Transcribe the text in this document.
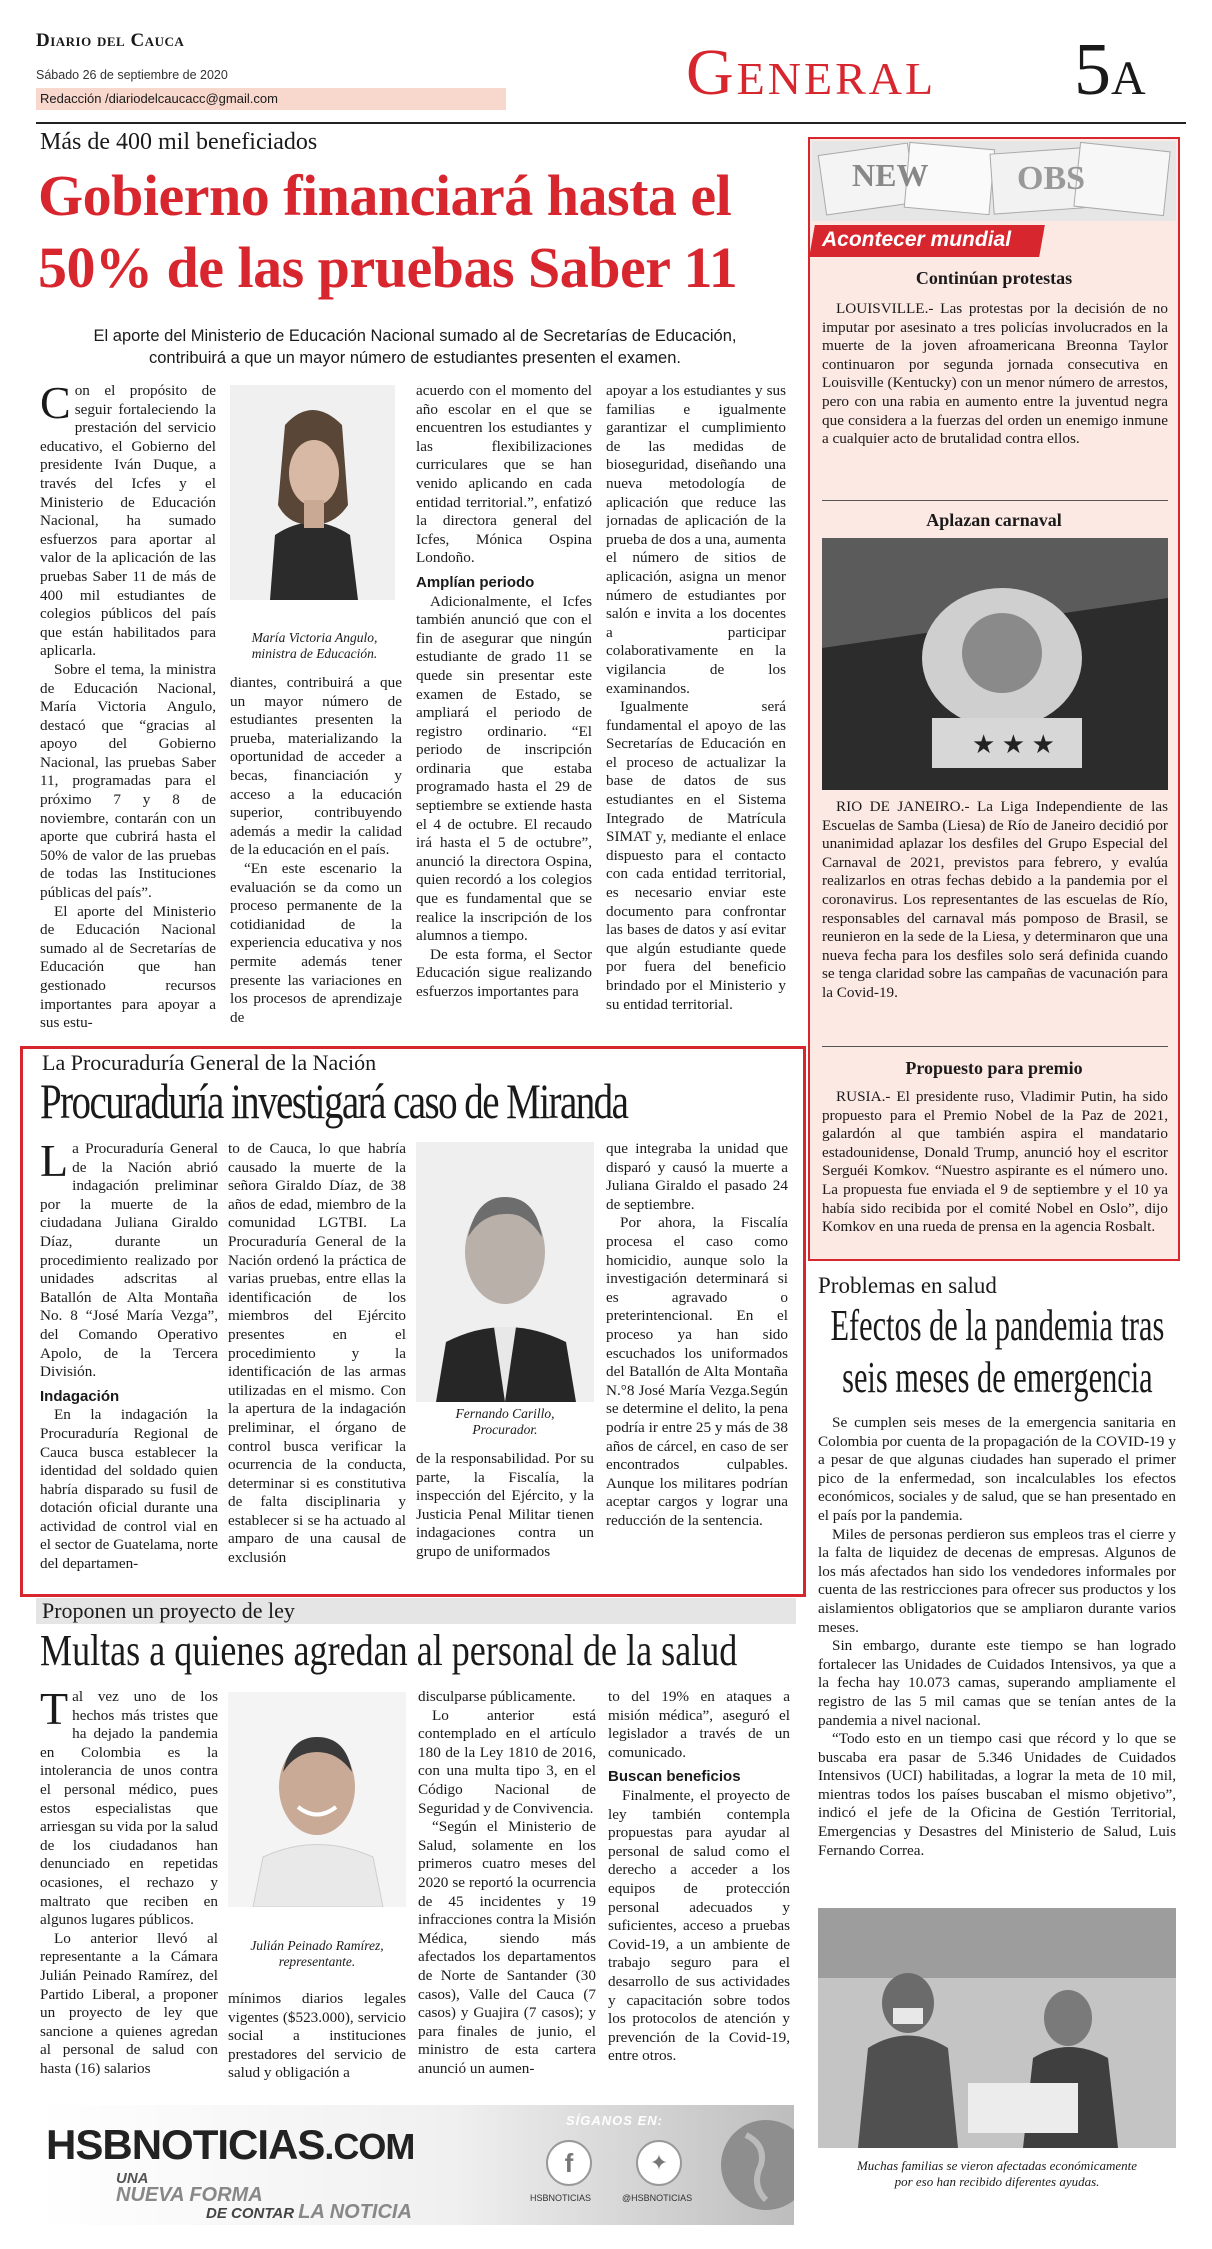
Diario del Cauca
Sábado 26 de septiembre de 2020
Redacción /diariodelcaucacc@gmail.com	General 5A
Más de 400 mil beneficiados
Gobierno financiará hasta el
50% de las pruebas Saber 11
El aporte del Ministerio de Educación Nacional sumado al de Secretarías de Educación,
contribuirá a que un mayor número de estudiantes presenten el examen.

Con el propósito de seguir fortaleciendo la prestación del servicio educativo, el Gobierno del presidente Iván Duque, a través del Icfes y el Ministerio de Educación Nacional, ha sumado esfuerzos para aportar al valor de la aplicación de las pruebas Saber 11 de más de 400 mil estudiantes de colegios públicos del país que están habilitados para aplicarla.

Sobre el tema, la ministra de Educación Nacional, María Victoria Angulo, destacó que “gracias al apoyo del Gobierno Nacional, las pruebas Saber 11, programadas para el próximo 7 y 8 de noviembre, contarán con un aporte que cubrirá hasta el 50% de valor de las pruebas de todas las Instituciones públicas del país”.

El aporte del Ministerio de Educación Nacional sumado al de Secretarías de Educación que han gestionado recursos importantes para apoyar a sus estu-

María Victoria Angulo,
ministra de Educación.

diantes, contribuirá a que un mayor número de estudiantes presenten la prueba, materializando la oportunidad de acceder a becas, financiación y acceso a la educación superior, contribuyendo además a medir la calidad de la educación en el país.

“En este escenario la evaluación se da como un proceso permanente de la cotidianidad de la experiencia educativa y nos permite además tener presente las variaciones en los procesos de aprendizaje de

acuerdo con el momento del año escolar en el que se encuentren los estudiantes y las flexibilizaciones curriculares que se han venido aplicando en cada entidad territorial.”, enfatizó la directora general del Icfes, Mónica Ospina Londoño.

Amplían periodo

Adicionalmente, el Icfes también anunció que con el fin de asegurar que ningún estudiante de grado 11 se quede sin presentar este examen de Estado, se ampliará el periodo de registro ordinario. “El periodo de inscripción ordinaria que estaba programado hasta el 29 de septiembre se extiende hasta el 4 de octubre. El recaudo irá hasta el 5 de octubre”, anunció la directora Ospina, quien recordó a los colegios que es fundamental que se realice la inscripción de los alumnos a tiempo.

De esta forma, el Sector Educación sigue realizando esfuerzos importantes para

apoyar a los estudiantes y sus familias e igualmente garantizar el cumplimiento de las medidas de bioseguridad, diseñando una nueva metodología de aplicación que reduce las jornadas de aplicación de la prueba de dos a una, aumenta el número de sitios de aplicación, asigna un menor número de estudiantes por salón e invita a los docentes a participar colaborativamente en la vigilancia de los examinandos.

Igualmente será fundamental el apoyo de las Secretarías de Educación en el proceso de actualizar la base de datos de sus estudiantes en el Sistema Integrado de Matrícula SIMAT y, mediante el enlace dispuesto para el contacto con cada entidad territorial, es necesario enviar este documento para confrontar las bases de datos y así evitar que algún estudiante quede por fuera del beneficio brindado por el Ministerio y su entidad territorial.

La Procuraduría General de la Nación
Procuraduría investigará caso de Miranda

La Procuraduría General de la Nación abrió indagación preliminar por la muerte de la ciudadana Juliana Giraldo Díaz, durante un procedimiento realizado por unidades adscritas al Batallón de Alta Montaña No. 8 “José María Vezga”, del Comando Operativo Apolo, de la Tercera División.

Indagación

En la indagación la Procuraduría Regional de Cauca busca establecer la identidad del soldado quien habría disparado su fusil de dotación oficial durante una actividad de control vial en el sector de Guatelama, norte del departamen-

to de Cauca, lo que habría causado la muerte de la señora Giraldo Díaz, de 38 años de edad, miembro de la comunidad LGTBI. La Procuraduría General de la Nación ordenó la práctica de varias pruebas, entre ellas la identificación de los miembros del Ejército presentes en el procedimiento y la identificación de las armas utilizadas en el mismo. Con la apertura de la indagación preliminar, el órgano de control busca verificar la ocurrencia de la conducta, determinar si es constitutiva de falta disciplinaria y establecer si se ha actuado al amparo de una causal de exclusión

Fernando Carillo,
Procurador.

de la responsabilidad. Por su parte, la Fiscalía, la inspección del Ejército, y la Justicia Penal Militar tienen indagaciones contra un grupo de uniformados

que integraba la unidad que disparó y causó la muerte a Juliana Giraldo el pasado 24 de septiembre.

Por ahora, la Fiscalía procesa el caso como homicidio, aunque solo la investigación determinará si es agravado o preterintencional. En el proceso ya han sido escuchados los uniformados del Batallón de Alta Montaña N.°8 José María Vezga.Según se determine el delito, la pena podría ir entre 25 y más de 38 años de cárcel, en caso de ser encontrados culpables. Aunque los militares podrían aceptar cargos y lograr una reducción de la sentencia.

Proponen un proyecto de ley
Multas a quienes agredan al personal de la salud

Tal vez uno de los hechos más tristes que ha dejado la pandemia en Colombia es la intolerancia de unos contra el personal médico, pues estos especialistas que arriesgan su vida por la salud de los ciudadanos han denunciado en repetidas ocasiones, el rechazo y maltrato que reciben en algunos lugares públicos.

Lo anterior llevó al representante a la Cámara Julián Peinado Ramírez, del Partido Liberal, a proponer un proyecto de ley que sancione a quienes agredan al personal de salud con hasta (16) salarios

Julián Peinado Ramírez,
representante.

mínimos diarios legales vigentes ($523.000), servicio social a instituciones prestadores del servicio de salud y obligación a

disculparse públicamente.

Lo anterior está contemplado en el artículo 180 de la Ley 1810 de 2016, con una multa tipo 3, en el Código Nacional de Seguridad y de Convivencia.

“Según el Ministerio de Salud, solamente en los primeros cuatro meses del 2020 se reportó la ocurrencia de 45 incidentes y 19 infracciones contra la Misión Médica, siendo más afectados los departamentos de Norte de Santander (30 casos), Valle del Cauca (7 casos) y Guajira (7 casos); y para finales de junio, el ministro de esta cartera anunció un aumen-

to del 19% en ataques a misión médica”, aseguró el legislador a través de un comunicado.

Buscan beneficios

Finalmente, el proyecto de ley también contempla propuestas para ayudar al personal de salud como el derecho a acceder a los equipos de protección personal adecuados y suficientes, acceso a pruebas Covid-19, a un ambiente de trabajo seguro para el desarrollo de sus actividades y capacitación sobre todos los protocolos de atención y prevención de la Covid-19, entre otros.

HSBNOTICIAS.COM
UNA
NUEVA FORMA
DE CONTAR LA NOTICIA
SÍGANOS EN:
f	✦
HSBNOTICIAS	@HSBNOTICIAS
NEW	OBS
Acontecer mundial
Continúan protestas
LOUISVILLE.- Las protestas por la decisión de no imputar por asesinato a tres policías involucrados en la muerte de la joven afroamericana Breonna Taylor continuaron por segunda jornada consecutiva en Louisville (Kentucky) con un menor número de arrestos, pero con una rabia en aumento entre la juventud negra que considera a la fuerzas del orden un enemigo inmune a cualquier acto de brutalidad contra ellos.
Aplazan carnaval
★ ★ ★
RIO DE JANEIRO.- La Liga Independiente de las Escuelas de Samba (Liesa) de Río de Janeiro decidió por unanimidad aplazar los desfiles del Grupo Especial del Carnaval de 2021, previstos para febrero, y evalúa realizarlos en otras fechas debido a la pandemia por el coronavirus. Los representantes de las escuelas de Río, responsables del carnaval más pomposo de Brasil, se reunieron en la sede de la Liesa, y determinaron que una nueva fecha para los desfiles solo será definida cuando se tenga claridad sobre las campañas de vacunación para la Covid-19.
Propuesto para premio
RUSIA.- El presidente ruso, Vladimir Putin, ha sido propuesto para el Premio Nobel de la Paz de 2021, galardón al que también aspira el mandatario estadounidense, Donald Trump, anunció hoy el escritor Serguéi Komkov. “Nuestro aspirante es el número uno. La propuesta fue enviada el 9 de septiembre y el 10 ya había sido recibida por el comité Nobel en Oslo”, dijo Komkov en una rueda de prensa en la agencia Rosbalt.
Problemas en salud
Efectos de la pandemia tras
seis meses de emergencia

Se cumplen seis meses de la emergencia sanitaria en Colombia por cuenta de la propagación de la COVID-19 y a pesar de que algunas ciudades han superado el primer pico de la enfermedad, son incalculables los efectos económicos, sociales y de salud, que se han presentado en el país por la pandemia.

Miles de personas perdieron sus empleos tras el cierre y la falta de liquidez de decenas de empresas. Algunos de los más afectados han sido los vendedores informales por cuenta de las restricciones para ofrecer sus productos y los aislamientos obligatorios que se ampliaron durante varios meses.

Sin embargo, durante este tiempo se han logrado fortalecer las Unidades de Cuidados Intensivos, ya que a la fecha hay 10.073 camas, superando ampliamente el registro de las 5 mil camas que se tenían antes de la pandemia a nivel nacional.

“Todo esto en un tiempo casi que récord y lo que se buscaba era pasar de 5.346 Unidades de Cuidados Intensivos (UCI) habilitadas, a lograr la meta de 10 mil, mientras todos los países buscaban el mismo objetivo”, indicó el jefe de la Oficina de Gestión Territorial, Emergencias y Desastres del Ministerio de Salud, Luis Fernando Correa.

Muchas familias se vieron afectadas económicamente
por eso han recibido diferentes ayudas.
